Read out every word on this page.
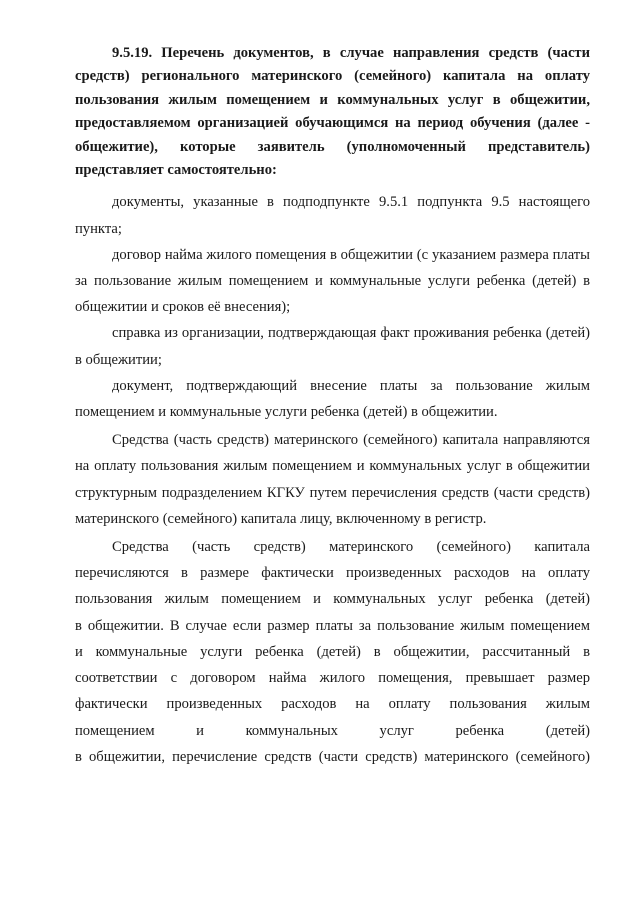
9.5.19. Перечень документов, в случае направления средств (части средств) регионального материнского (семейного) капитала на оплату пользования жилым помещением и коммунальных услуг в общежитии, предоставляемом организацией обучающимся на период обучения (далее - общежитие), которые заявитель (уполномоченный представитель) представляет самостоятельно:

документы, указанные в подподпункте 9.5.1 подпункта 9.5 настоящего пункта;

договор найма жилого помещения в общежитии (с указанием размера платы за пользование жилым помещением и коммунальные услуги ребенка (детей) в общежитии и сроков её внесения);

справка из организации, подтверждающая факт проживания ребенка (детей) в общежитии;

документ, подтверждающий внесение платы за пользование жилым помещением и коммунальные услуги ребенка (детей) в общежитии.

Средства (часть средств) материнского (семейного) капитала направляются на оплату пользования жилым помещением и коммунальных услуг в общежитии структурным подразделением КГКУ путем перечисления средств (части средств) материнского (семейного) капитала лицу, включенному в регистр.

Средства (часть средств) материнского (семейного) капитала
перечисляются в размере фактически произведенных расходов на оплату
пользования жилым помещением и коммунальных услуг ребенка (детей)
в общежитии. В случае если размер платы за пользование жилым помещением
и коммунальные услуги ребенка (детей) в общежитии, рассчитанный в
соответствии с договором найма жилого помещения, превышает размер
фактически произведенных расходов на оплату пользования жилым
помещением и коммунальных услуг ребенка (детей)
в общежитии, перечисление средств (части средств) материнского (семейного)
